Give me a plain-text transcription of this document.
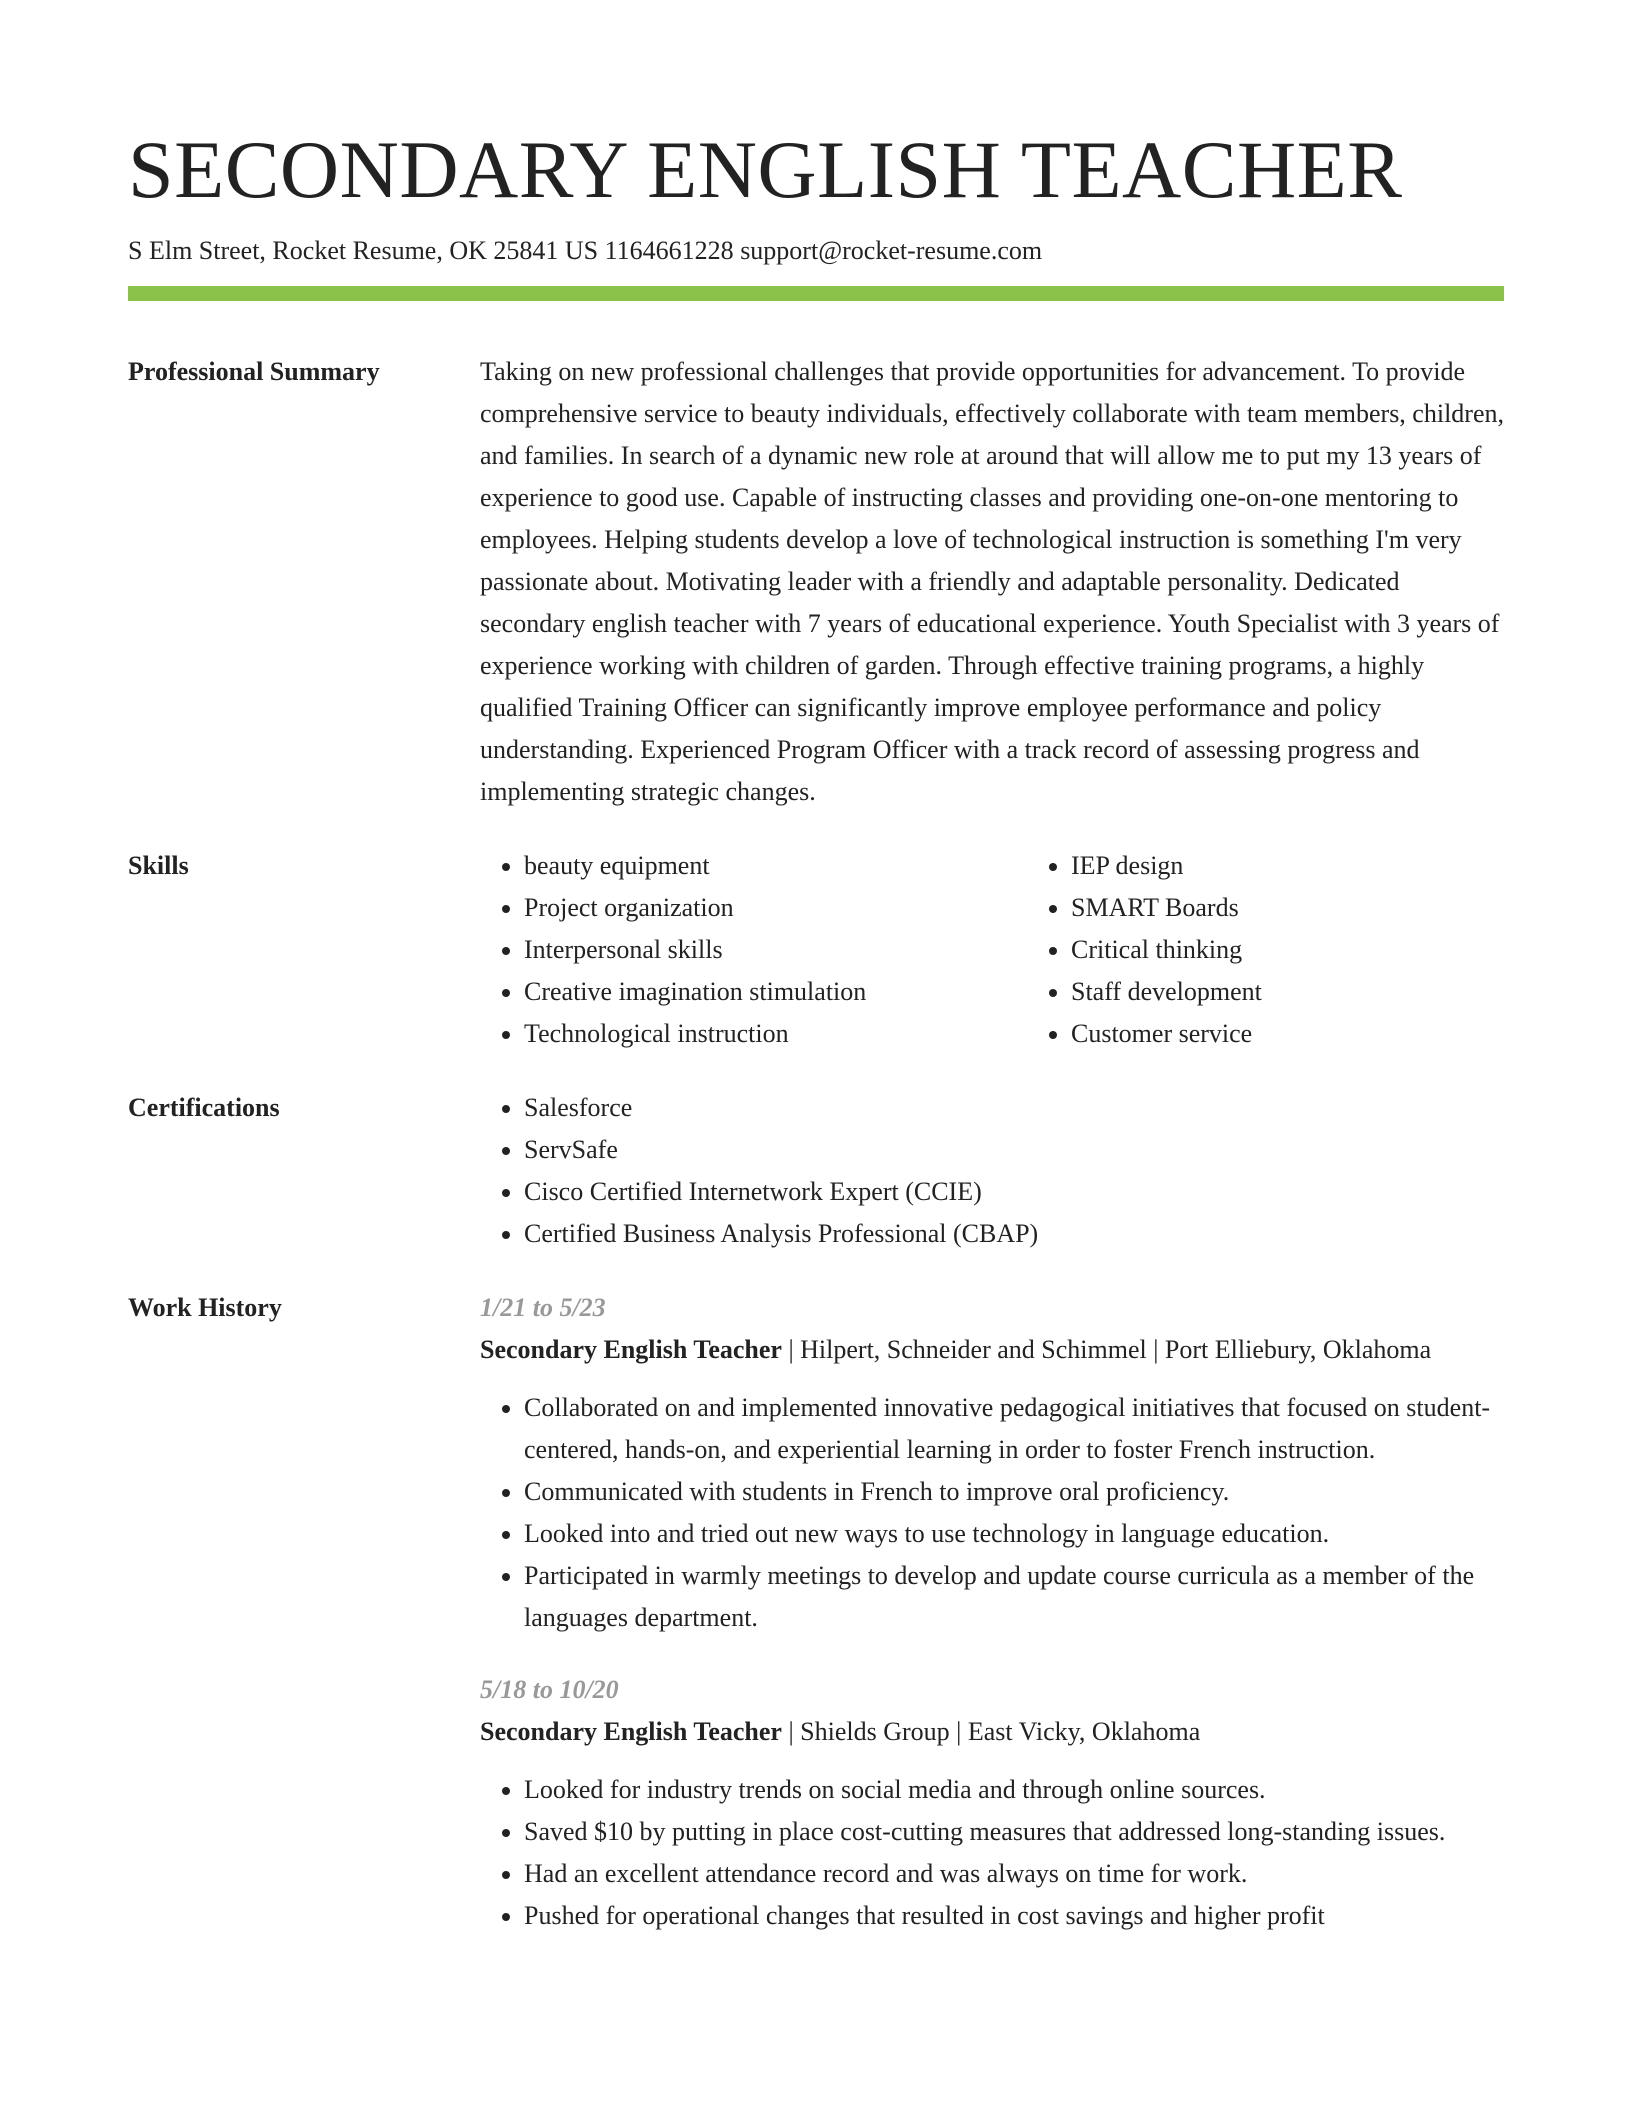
SECONDARY ENGLISH TEACHER
S Elm Street, Rocket Resume, OK 25841 US 1164661228 support@rocket-resume.com
Professional Summary	Taking on new professional challenges that provide opportunities for advancement. To provide comprehensive service to beauty individuals, effectively collaborate with team members, children, and families. In search of a dynamic new role at around that will allow me to put my 13 years of experience to good use. Capable of instructing classes and providing one-on-one mentoring to employees. Helping students develop a love of technological instruction is something I'm very passionate about. Motivating leader with a friendly and adaptable personality. Dedicated secondary english teacher with 7 years of educational experience. Youth Specialist with 3 years of experience working with children of garden. Through effective training programs, a highly qualified Training Officer can significantly improve employee performance and policy understanding. Experienced Program Officer with a track record of assessing progress and implementing strategic changes.
Skills	• beauty equipment
• Project organization
• Interpersonal skills
• Creative imagination stimulation
• Technological instruction
• IEP design
• SMART Boards
• Critical thinking
• Staff development
• Customer service
Certifications	• Salesforce
• ServSafe
• Cisco Certified Internetwork Expert (CCIE)
• Certified Business Analysis Professional (CBAP)
Work History	1/21 to 5/23
Secondary English Teacher | Hilpert, Schneider and Schimmel | Port Elliebury, Oklahoma
• Collaborated on and implemented innovative pedagogical initiatives that focused on student-centered, hands-on, and experiential learning in order to foster French instruction.
• Communicated with students in French to improve oral proficiency.
• Looked into and tried out new ways to use technology in language education.
• Participated in warmly meetings to develop and update course curricula as a member of the languages department.
5/18 to 10/20
Secondary English Teacher | Shields Group | East Vicky, Oklahoma
• Looked for industry trends on social media and through online sources.
• Saved $10 by putting in place cost-cutting measures that addressed long-standing issues.
• Had an excellent attendance record and was always on time for work.
• Pushed for operational changes that resulted in cost savings and higher profit
